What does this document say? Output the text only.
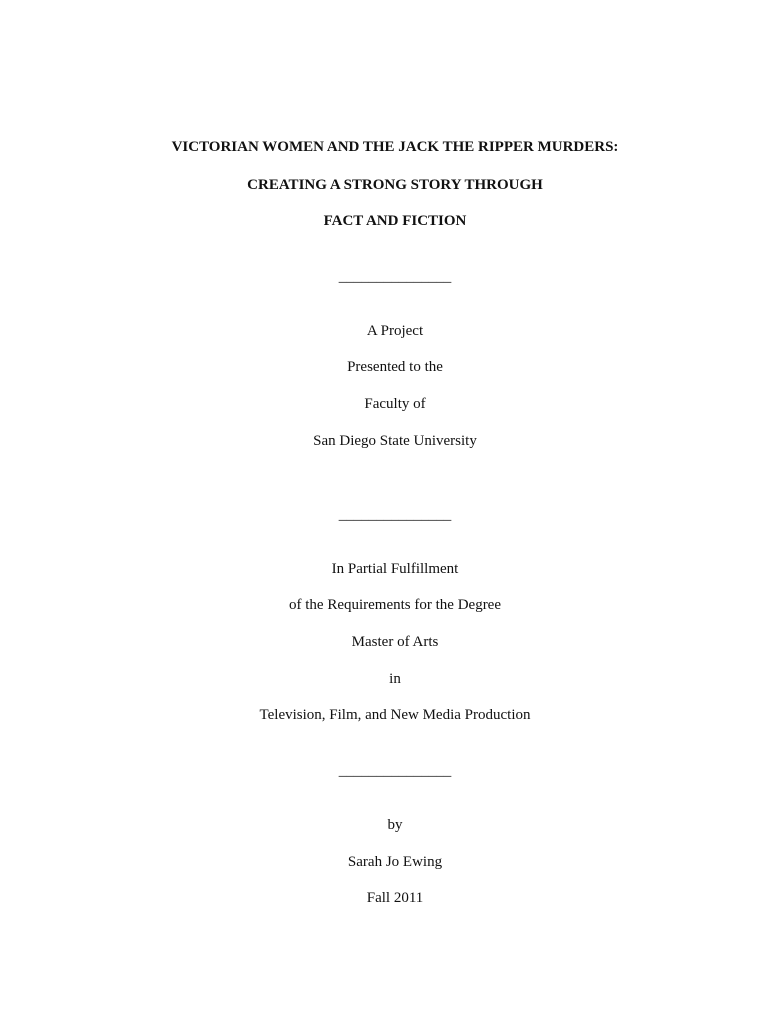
VICTORIAN WOMEN AND THE JACK THE RIPPER MURDERS:
CREATING A STRONG STORY THROUGH
FACT AND FICTION
_______________
A Project
Presented to the
Faculty of
San Diego State University
_______________
In Partial Fulfillment
of the Requirements for the Degree
Master of Arts
in
Television, Film, and New Media Production
_______________
by
Sarah Jo Ewing
Fall 2011
